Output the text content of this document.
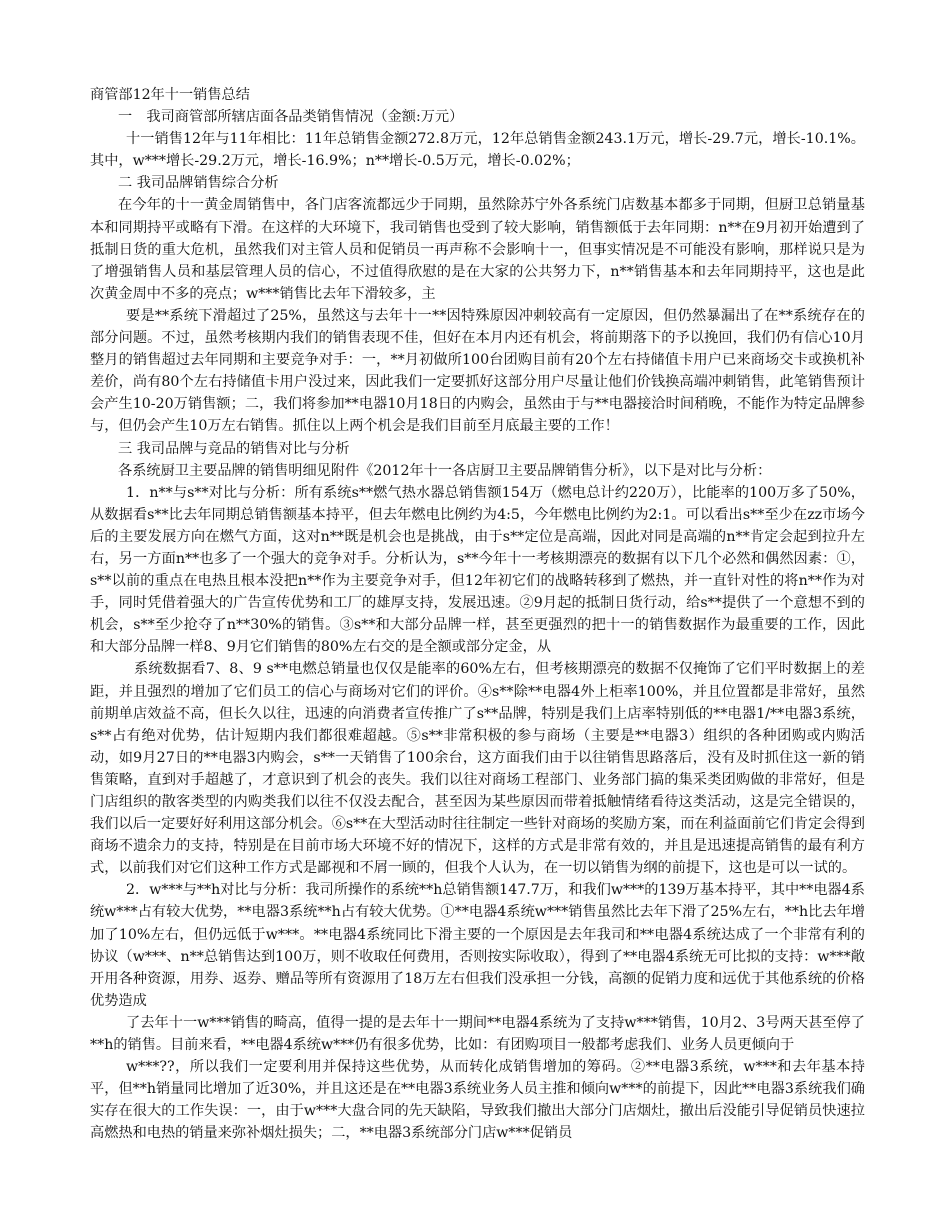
商管部12年十一销售总结

一　我司商管部所辖店面各品类销售情况（金额:万元）

十一销售12年与11年相比：11年总销售金额272.8万元，12年总销售金额243.1万元，增长-29.7元，增长-10.1%。其中，w***增长-29.2万元，增长-16.9%；n**增长-0.5万元，增长-0.02%；

二 我司品牌销售综合分析

在今年的十一黄金周销售中，各门店客流都远少于同期，虽然除苏宁外各系统门店数基本都多于同期，但厨卫总销量基本和同期持平或略有下滑。在这样的大环境下，我司销售也受到了较大影响，销售额低于去年同期：n**在9月初开始遭到了抵制日货的重大危机，虽然我们对主管人员和促销员一再声称不会影响十一，但事实情况是不可能没有影响，那样说只是为了增强销售人员和基层管理人员的信心，不过值得欣慰的是在大家的公共努力下，n**销售基本和去年同期持平，这也是此次黄金周中不多的亮点；w***销售比去年下滑较多，主

要是**系统下滑超过了25%，虽然这与去年十一**因特殊原因冲刺较高有一定原因，但仍然暴漏出了在**系统存在的部分问题。不过，虽然考核期内我们的销售表现不佳，但好在本月内还有机会，将前期落下的予以挽回，我们仍有信心10月整月的销售超过去年同期和主要竞争对手：一，**月初做所100台团购目前有20个左右持储值卡用户已来商场交卡或换机补差价，尚有80个左右持储值卡用户没过来，因此我们一定要抓好这部分用户尽量让他们价钱换高端冲刺销售，此笔销售预计会产生10-20万销售额；二，我们将参加**电器10月18日的内购会，虽然由于与**电器接洽时间稍晚，不能作为特定品牌参与，但仍会产生10万左右销售。抓住以上两个机会是我们目前至月底最主要的工作！

三 我司品牌与竞品的销售对比与分析

各系统厨卫主要品牌的销售明细见附件《2012年十一各店厨卫主要品牌销售分析》，以下是对比与分析：

1．n**与s**对比与分析：所有系统s**燃气热水器总销售额154万（燃电总计约220万），比能率的100万多了50%，从数据看s**比去年同期总销售额基本持平，但去年燃电比例约为4:5，今年燃电比例约为2:1。可以看出s**至少在zz市场今后的主要发展方向在燃气方面，这对n**既是机会也是挑战，由于s**定位是高端，因此对同是高端的n**肯定会起到拉升左右，另一方面n**也多了一个强大的竞争对手。分析认为，s**今年十一考核期漂亮的数据有以下几个必然和偶然因素：①，s**以前的重点在电热且根本没把n**作为主要竞争对手，但12年初它们的战略转移到了燃热，并一直针对性的将n**作为对手，同时凭借着强大的广告宣传优势和工厂的雄厚支持，发展迅速。②9月起的抵制日货行动，给s**提供了一个意想不到的机会，s**至少抢夺了n**30%的销售。③s**和大部分品牌一样，甚至更强烈的把十一的销售数据作为最重要的工作，因此和大部分品牌一样8、9月它们销售的80%左右交的是全额或部分定金，从

系统数据看7、8、9 s**电燃总销量也仅仅是能率的60%左右，但考核期漂亮的数据不仅掩饰了它们平时数据上的差距，并且强烈的增加了它们员工的信心与商场对它们的评价。④s**除**电器4外上柜率100%，并且位置都是非常好，虽然前期单店效益不高，但长久以往，迅速的向消费者宣传推广了s**品牌，特别是我们上店率特别低的**电器1/**电器3系统，s**占有绝对优势，估计短期内我们都很难超越。⑤s**非常积极的参与商场（主要是**电器3）组织的各种团购或内购活动，如9月27日的**电器3内购会，s**一天销售了100余台，这方面我们由于以往销售思路落后，没有及时抓住这一新的销售策略，直到对手超越了，才意识到了机会的丧失。我们以往对商场工程部门、业务部门搞的集采类团购做的非常好，但是门店组织的散客类型的内购类我们以往不仅没去配合，甚至因为某些原因而带着抵触情绪看待这类活动，这是完全错误的，我们以后一定要好好利用这部分机会。⑥s**在大型活动时往往制定一些针对商场的奖励方案，而在利益面前它们肯定会得到商场不遗余力的支持，特别是在目前市场大环境不好的情况下，这样的方式是非常有效的，并且是迅速提高销售的最有利方式，以前我们对它们这种工作方式是鄙视和不屑一顾的，但我个人认为，在一切以销售为纲的前提下，这也是可以一试的。

2．w***与**h对比与分析：我司所操作的系统**h总销售额147.7万，和我们w***的139万基本持平，其中**电器4系统w***占有较大优势，**电器3系统**h占有较大优势。①**电器4系统w***销售虽然比去年下滑了25%左右，**h比去年增加了10%左右，但仍远低于w***。**电器4系统同比下滑主要的一个原因是去年我司和**电器4系统达成了一个非常有利的协议（w***、n**总销售达到100万，则不收取任何费用，否则按实际收取），得到了**电器4系统无可比拟的支持：w***敞开用各种资源，用券、返券、赠品等所有资源用了18万左右但我们没承担一分钱，高额的促销力度和远优于其他系统的价格优势造成

了去年十一w***销售的畸高，值得一提的是去年十一期间**电器4系统为了支持w***销售，10月2、3号两天甚至停了**h的销售。目前来看，**电器4系统w***仍有很多优势，比如：有团购项目一般都考虑我们、业务人员更倾向于

w***??，所以我们一定要利用并保持这些优势，从而转化成销售增加的筹码。②**电器3系统，w***和去年基本持平，但**h销量同比增加了近30%，并且这还是在**电器3系统业务人员主推和倾向w***的前提下，因此**电器3系统我们确实存在很大的工作失误：一，由于w***大盘合同的先天缺陷，导致我们撤出大部分门店烟灶，撤出后没能引导促销员快速拉高燃热和电热的销量来弥补烟灶损失；二，**电器3系统部分门店w***促销员
